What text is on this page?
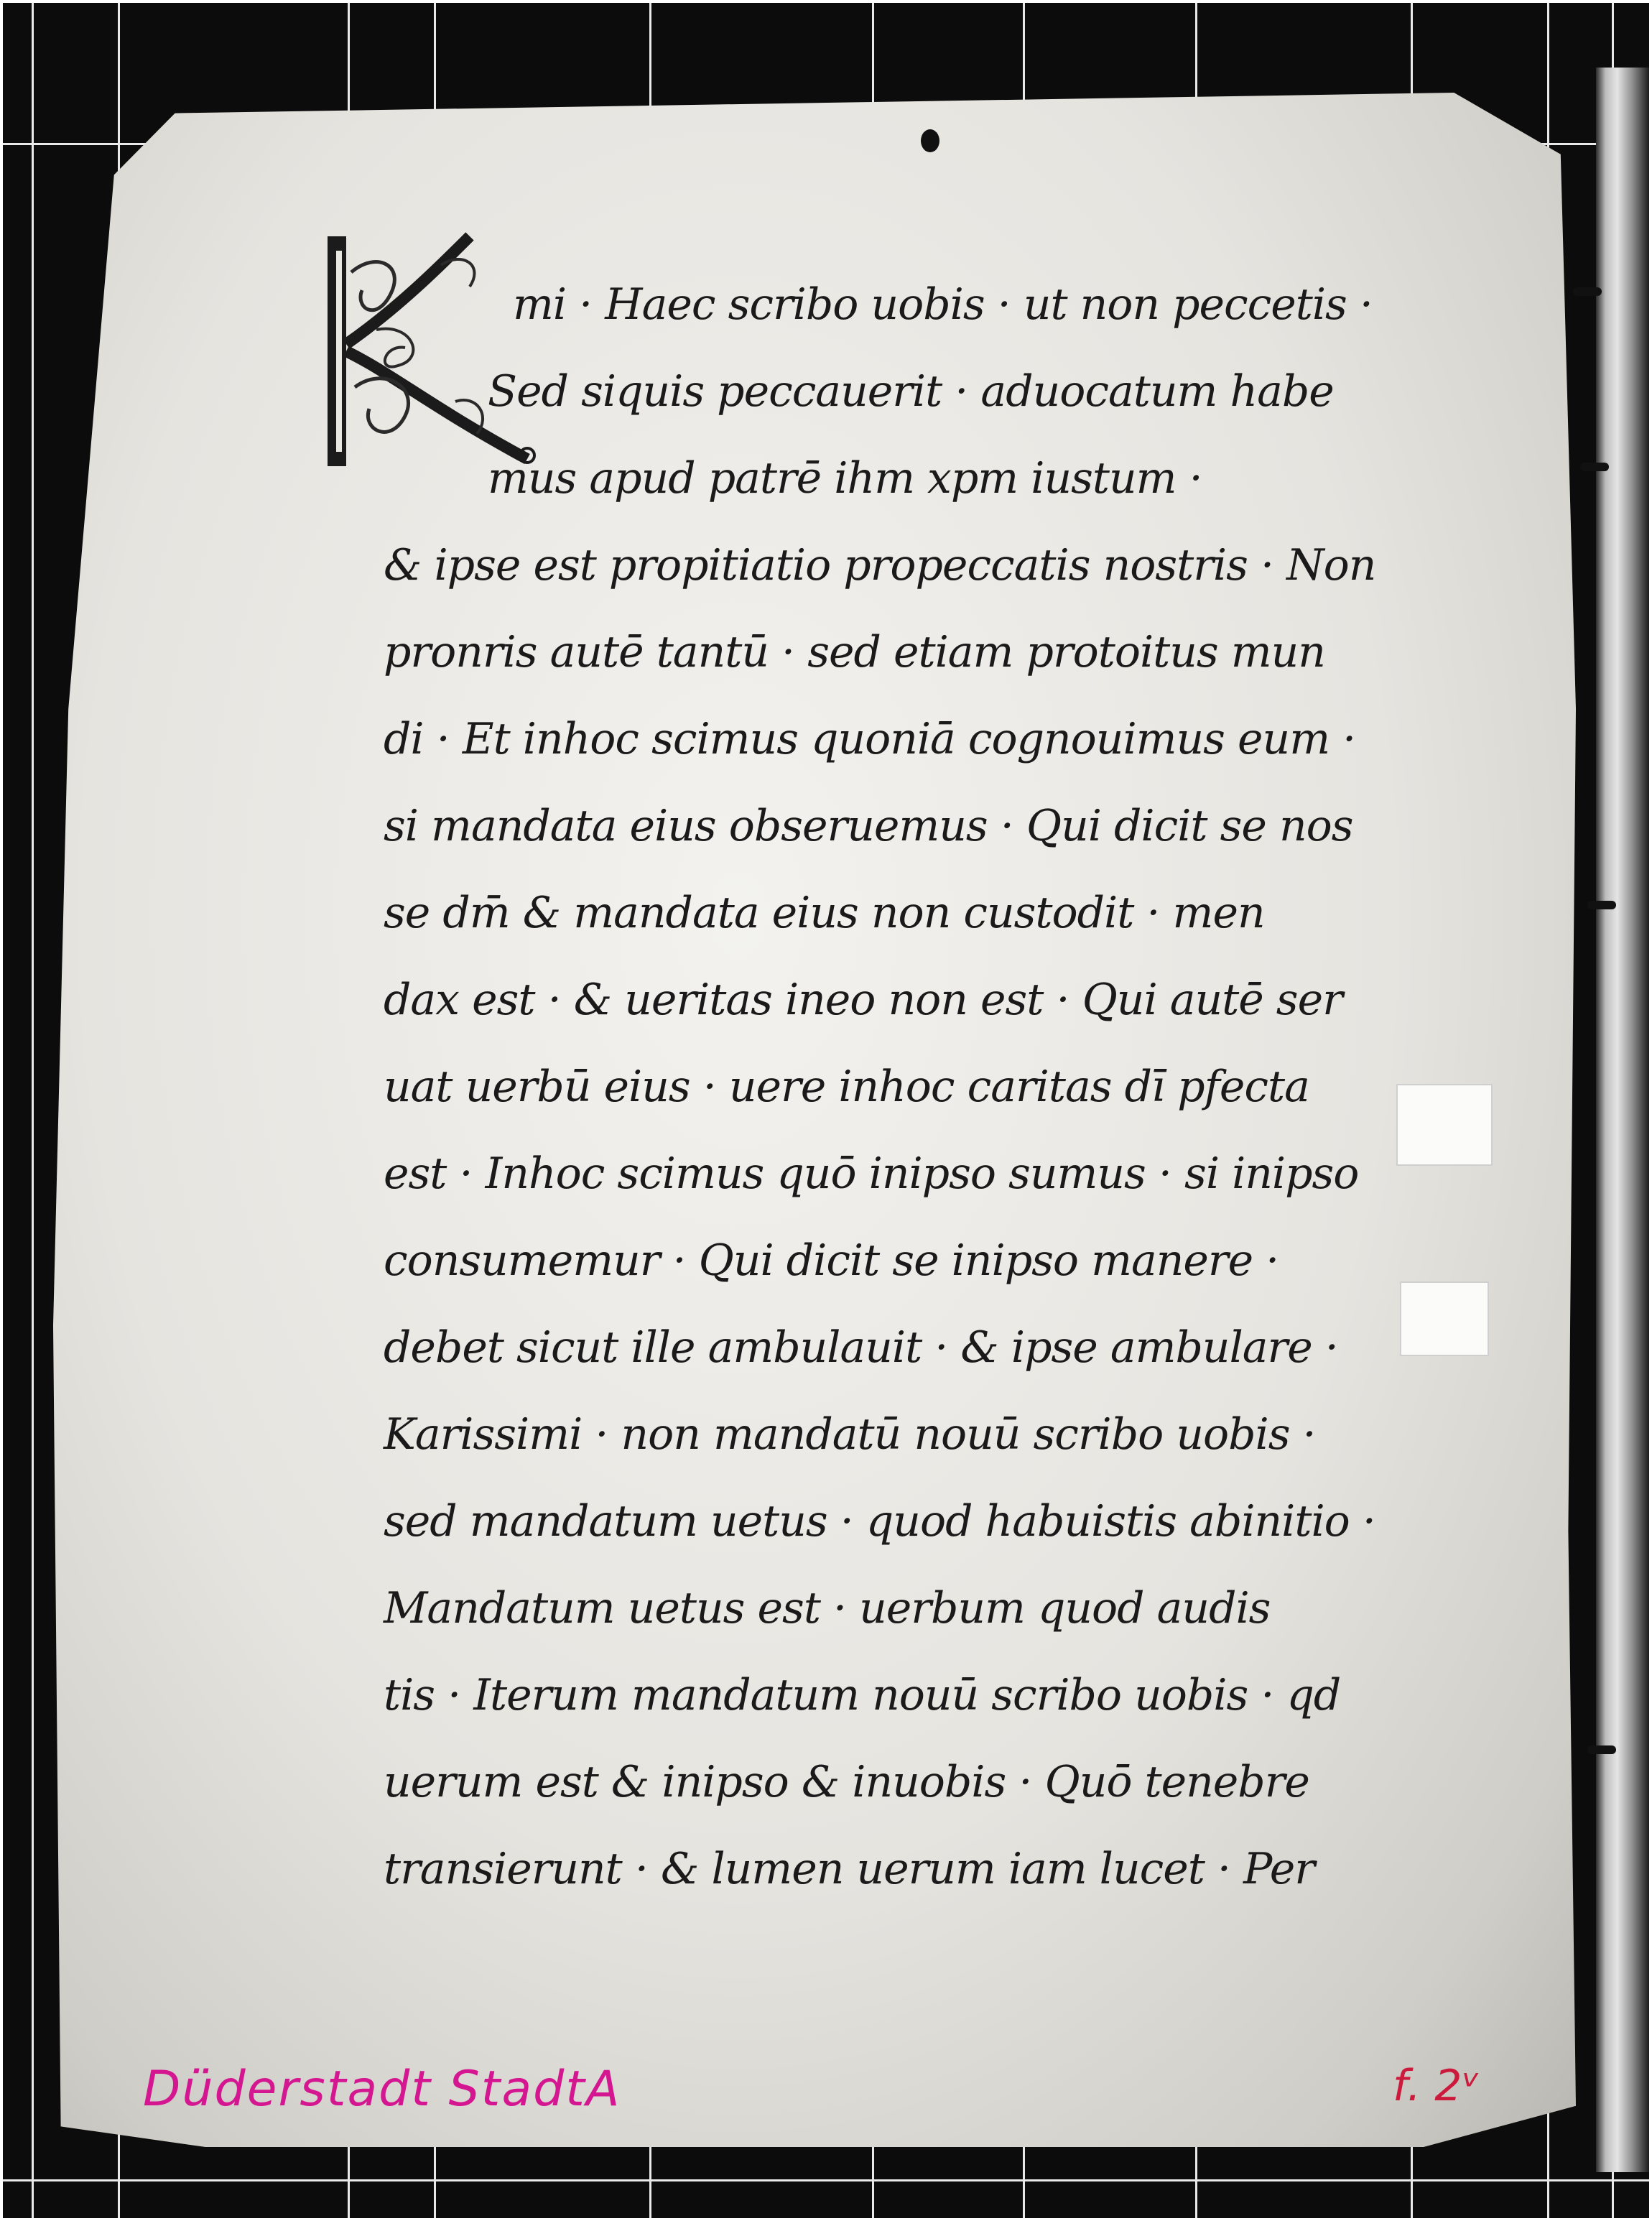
mi · Haec scribo uobis · ut non peccetis ·
Sed siquis peccauerit · aduocatum habe
mus apud patrē ihm xpm iustum ·
& ipse est propitiatio propeccatis nostris · Non
pronris autē tantū · sed etiam protoitus mun
di · Et inhoc scimus quoniā cognouimus eum ·
si mandata eius obseruemus · Qui dicit se nos
se dm̄ & mandata eius non custodit · men
dax est · & ueritas ineo non est · Qui autē ser
uat uerbū eius · uere inhoc caritas dī pfecta
est · Inhoc scimus quō inipso sumus · si inipso
consumemur · Qui dicit se inipso manere ·
debet sicut ille ambulauit · & ipse ambulare ·
Karissimi · non mandatū nouū scribo uobis ·
sed mandatum uetus · quod habuistis abinitio ·
Mandatum uetus est · uerbum quod audis
tis · Iterum mandatum nouū scribo uobis · qd
uerum est & inipso & inuobis · Quō tenebre
transierunt · & lumen uerum iam lucet · Per
Düderstadt StadtA	f. 2ᵛ
